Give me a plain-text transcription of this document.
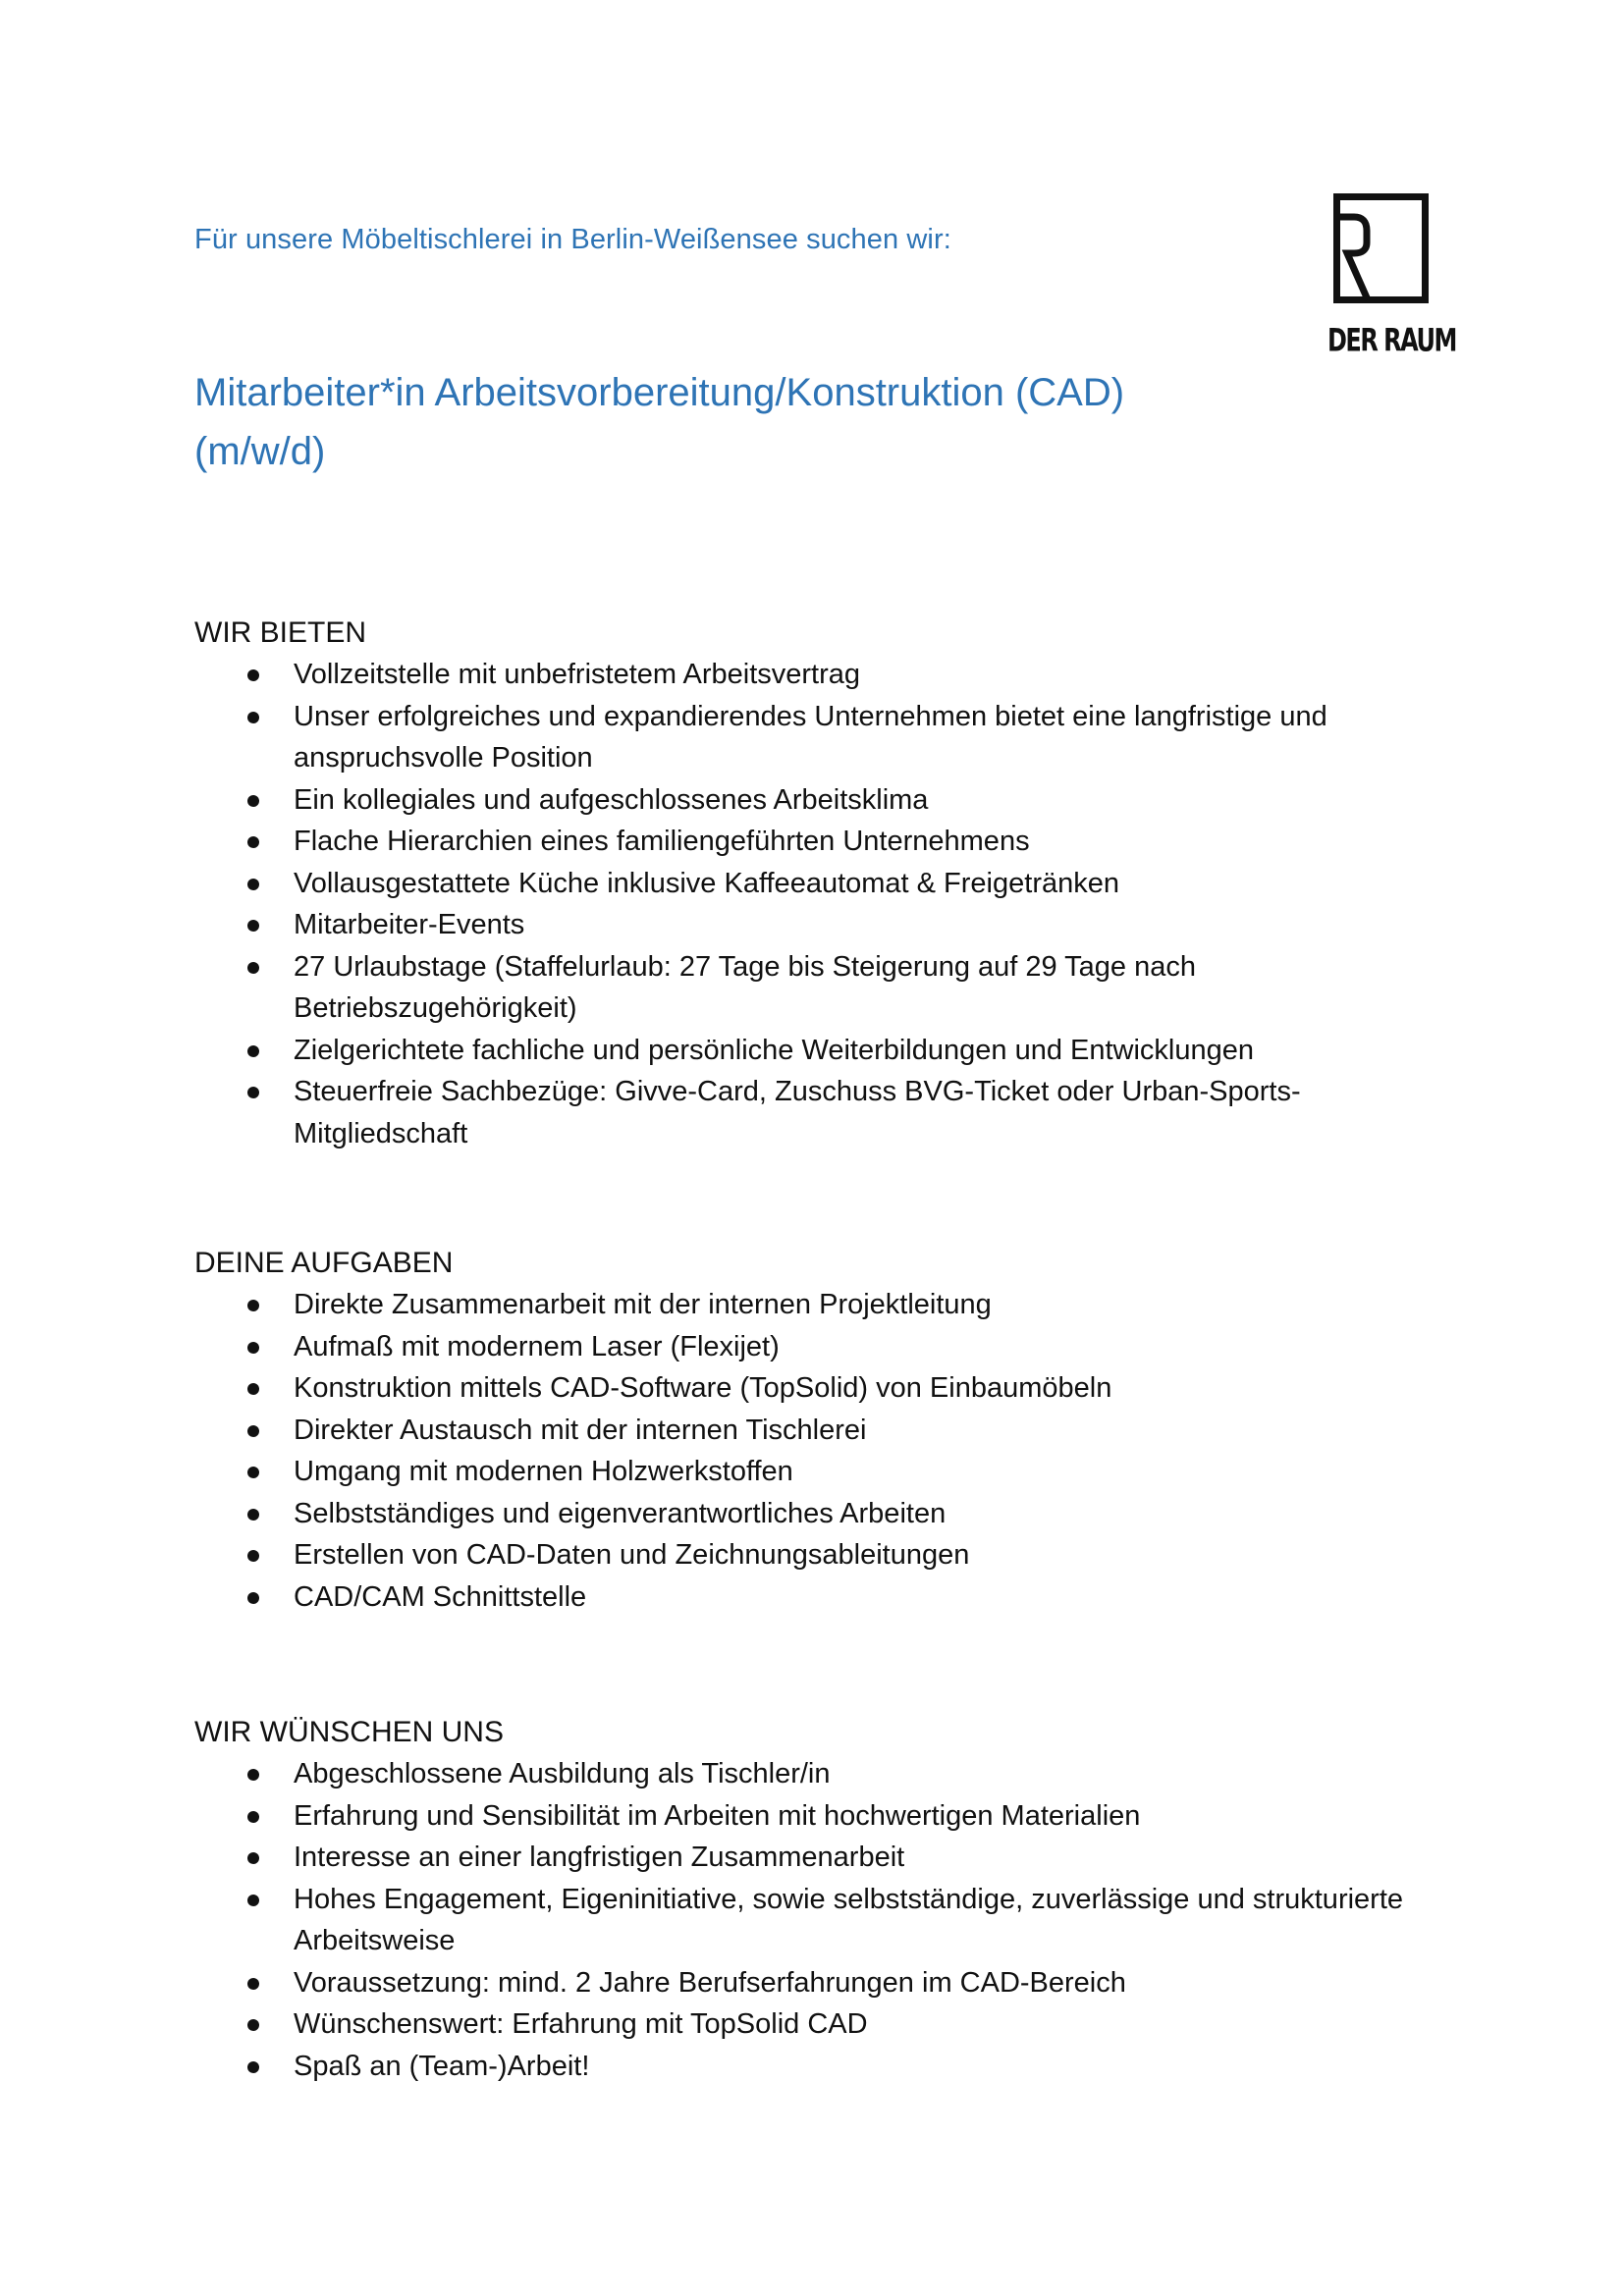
Für unsere Möbeltischlerei in Berlin-Weißensee suchen wir:
DER RAUM
Mitarbeiter*in Arbeitsvorbereitung/Konstruktion (CAD)
(m/w/d)
WIR BIETEN
Vollzeitstelle mit unbefristetem Arbeitsvertrag
Unser erfolgreiches und expandierendes Unternehmen bietet eine langfristige und anspruchsvolle Position
Ein kollegiales und aufgeschlossenes Arbeitsklima
Flache Hierarchien eines familiengeführten Unternehmens
Vollausgestattete Küche inklusive Kaffeeautomat & Freigetränken
Mitarbeiter-Events
27 Urlaubstage (Staffelurlaub: 27 Tage bis Steigerung auf 29 Tage nach Betriebszugehörigkeit)
Zielgerichtete fachliche und persönliche Weiterbildungen und Entwicklungen
Steuerfreie Sachbezüge: Givve-Card, Zuschuss BVG-Ticket oder Urban-Sports-Mitgliedschaft
DEINE AUFGABEN
Direkte Zusammenarbeit mit der internen Projektleitung
Aufmaß mit modernem Laser (Flexijet)
Konstruktion mittels CAD-Software (TopSolid) von Einbaumöbeln
Direkter Austausch mit der internen Tischlerei
Umgang mit modernen Holzwerkstoffen
Selbstständiges und eigenverantwortliches Arbeiten
Erstellen von CAD-Daten und Zeichnungsableitungen
CAD/CAM Schnittstelle
WIR WÜNSCHEN UNS
Abgeschlossene Ausbildung als Tischler/in
Erfahrung und Sensibilität im Arbeiten mit hochwertigen Materialien
Interesse an einer langfristigen Zusammenarbeit
Hohes Engagement, Eigeninitiative, sowie selbstständige, zuverlässige und strukturierte Arbeitsweise
Voraussetzung: mind. 2 Jahre Berufserfahrungen im CAD-Bereich
Wünschenswert: Erfahrung mit TopSolid CAD
Spaß an (Team-)Arbeit!
